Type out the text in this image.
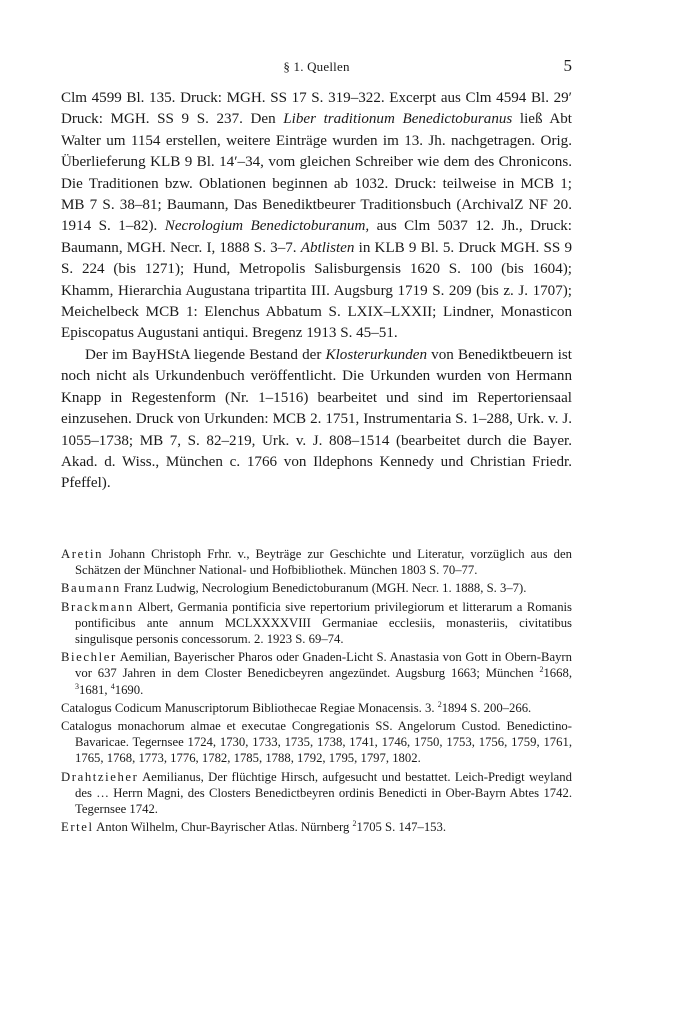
§ 1. Quellen	5

Clm 4599 Bl. 135. Druck: MGH. SS 17 S. 319–322. Excerpt aus Clm 4594 Bl. 29′ Druck: MGH. SS 9 S. 237. Den Liber traditionum Benedictoburanus ließ Abt Walter um 1154 erstellen, weitere Einträge wurden im 13. Jh. nachgetragen. Orig. Überlieferung KLB 9 Bl. 14′–34, vom gleichen Schreiber wie dem des Chronicons. Die Traditionen bzw. Oblationen beginnen ab 1032. Druck: teilweise in MCB 1; MB 7 S. 38–81; Baumann, Das Benediktbeurer Traditionsbuch (ArchivalZ NF 20. 1914 S. 1–82). Necrologium Benedictoburanum, aus Clm 5037 12. Jh., Druck: Baumann, MGH. Necr. I, 1888 S. 3–7. Abtlisten in KLB 9 Bl. 5. Druck MGH. SS 9 S. 224 (bis 1271); Hund, Metropolis Salisburgensis 1620 S. 100 (bis 1604); Khamm, Hierarchia Augustana tripartita III. Augsburg 1719 S. 209 (bis z. J. 1707); Meichelbeck MCB 1: Elenchus Abbatum S. LXIX–LXXII; Lindner, Monasticon Episcopatus Augustani antiqui. Bregenz 1913 S. 45–51.

Der im BayHStA liegende Bestand der Klosterurkunden von Benediktbeuern ist noch nicht als Urkundenbuch veröffentlicht. Die Urkunden wurden von Hermann Knapp in Regestenform (Nr. 1–1516) bearbeitet und sind im Repertoriensaal einzusehen. Druck von Urkunden: MCB 2. 1751, Instrumentaria S. 1–288, Urk. v. J. 1055–1738; MB 7, S. 82–219, Urk. v. J. 808–1514 (bearbeitet durch die Bayer. Akad. d. Wiss., München c. 1766 von Ildephons Kennedy und Christian Friedr. Pfeffel).

Aretin Johann Christoph Frhr. v., Beyträge zur Geschichte und Literatur, vorzüglich aus den Schätzen der Münchner National- und Hofbibliothek. München 1803 S. 70–77.

Baumann Franz Ludwig, Necrologium Benedictoburanum (MGH. Necr. 1. 1888, S. 3–7).

Brackmann Albert, Germania pontificia sive repertorium privilegiorum et litterarum a Romanis pontificibus ante annum MCLXXXXVIII Germaniae ecclesiis, monasteriis, civitatibus singulisque personis concessorum. 2. 1923 S. 69–74.

Biechler Aemilian, Bayerischer Pharos oder Gnaden-Licht S. Anastasia von Gott in Obern-Bayrn vor 637 Jahren in dem Closter Benedicbeyren angezündet. Augsburg 1663; München $^2$1668, $^3$1681, $^4$1690.

Catalogus Codicum Manuscriptorum Bibliothecae Regiae Monacensis. 3. $^2$1894 S. 200–266.

Catalogus monachorum almae et executae Congregationis SS. Angelorum Custod. Benedictino-Bavaricae. Tegernsee 1724, 1730, 1733, 1735, 1738, 1741, 1746, 1750, 1753, 1756, 1759, 1761, 1765, 1768, 1773, 1776, 1782, 1785, 1788, 1792, 1795, 1797, 1802.

Drahtzieher Aemilianus, Der flüchtige Hirsch, aufgesucht und bestattet. Leich-Predigt weyland des … Herrn Magni, des Closters Benedictbeyren ordinis Benedicti in Ober-Bayrn Abtes 1742. Tegernsee 1742.

Ertel Anton Wilhelm, Chur-Bayrischer Atlas. Nürnberg $^2$1705 S. 147–153.
